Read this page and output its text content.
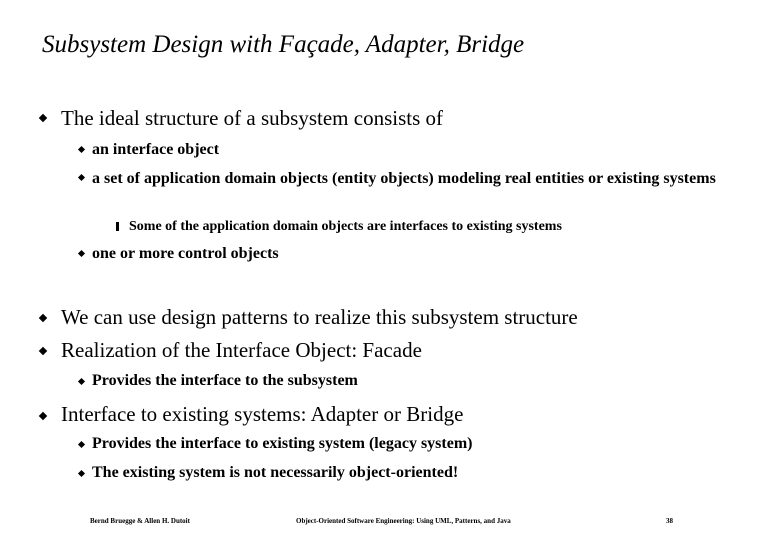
Subsystem Design with Façade, Adapter, Bridge
The ideal structure of a subsystem consists of
an interface object
a set of application domain objects (entity objects) modeling real entities or existing systems
Some of the application domain objects are interfaces to existing systems
one or more control objects
We can use design patterns to realize this subsystem structure
Realization of the Interface Object: Facade
Provides the interface to the subsystem
Interface to existing systems: Adapter or Bridge
Provides the interface to existing system (legacy system)
The existing system is not necessarily object-oriented!
Bernd Bruegge & Allen H. Dutoit	Object-Oriented Software Engineering: Using UML, Patterns, and Java	38
